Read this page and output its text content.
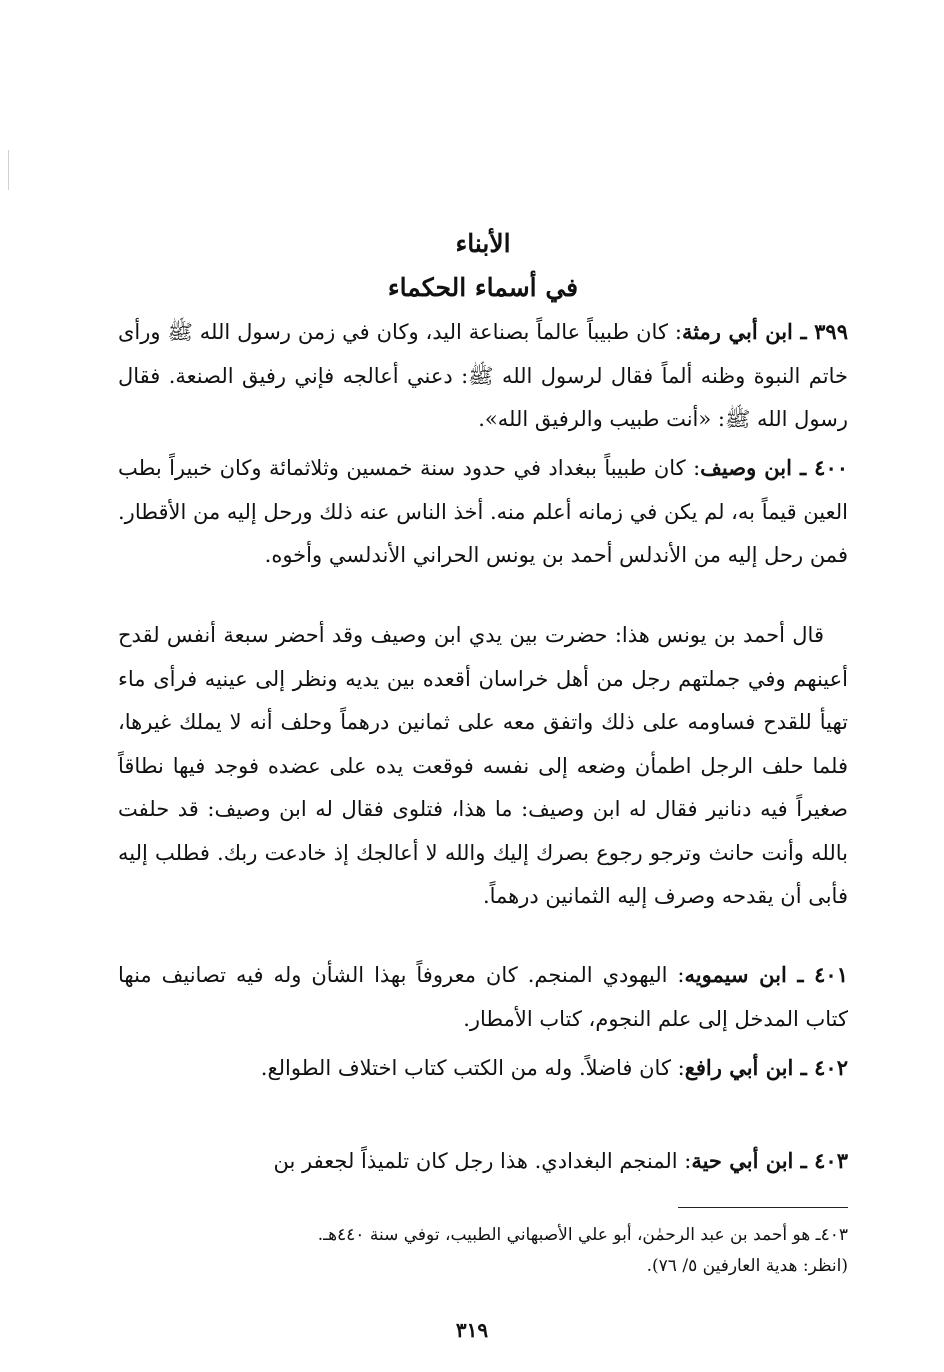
الأبناء
في أسماء الحكماء

٣٩٩ ـ ابن أبي رمثة: كان طبيباً عالماً بصناعة اليد، وكان في زمن رسول الله ﷺ ورأى خاتم النبوة وظنه ألماً فقال لرسول الله ﷺ: دعني أعالجه فإني رفيق الصنعة. فقال رسول الله ﷺ: «أنت طبيب والرفيق الله».

٤٠٠ ـ ابن وصيف: كان طبيباً ببغداد في حدود سنة خمسين وثلاثمائة وكان خبيراً بطب العين قيماً به، لم يكن في زمانه أعلم منه. أخذ الناس عنه ذلك ورحل إليه من الأقطار. فمن رحل إليه من الأندلس أحمد بن يونس الحراني الأندلسي وأخوه.

قال أحمد بن يونس هذا: حضرت بين يدي ابن وصيف وقد أحضر سبعة أنفس لقدح أعينهم وفي جملتهم رجل من أهل خراسان أقعده بين يديه ونظر إلى عينيه فرأى ماء تهيأ للقدح فساومه على ذلك واتفق معه على ثمانين درهماً وحلف أنه لا يملك غيرها، فلما حلف الرجل اطمأن وضعه إلى نفسه فوقعت يده على عضده فوجد فيها نطاقاً صغيراً فيه دنانير فقال له ابن وصيف: ما هذا، فتلوى فقال له ابن وصيف: قد حلفت بالله وأنت حانث وترجو رجوع بصرك إليك والله لا أعالجك إذ خادعت ربك. فطلب إليه فأبى أن يقدحه وصرف إليه الثمانين درهماً.

٤٠١ ـ ابن سيمويه: اليهودي المنجم. كان معروفاً بهذا الشأن وله فيه تصانيف منها كتاب المدخل إلى علم النجوم، كتاب الأمطار.

٤٠٢ ـ ابن أبي رافع: كان فاضلاً. وله من الكتب كتاب اختلاف الطوالع.

٤٠٣ ـ ابن أبي حية: المنجم البغدادي. هذا رجل كان تلميذاً لجعفر بن

٤٠٣ـ هو أحمد بن عبد الرحمٰن، أبو علي الأصبهاني الطبيب، توفي سنة ٤٤٠هـ.
(انظر: هدية العارفين ٥/ ٧٦).
٣١٩
